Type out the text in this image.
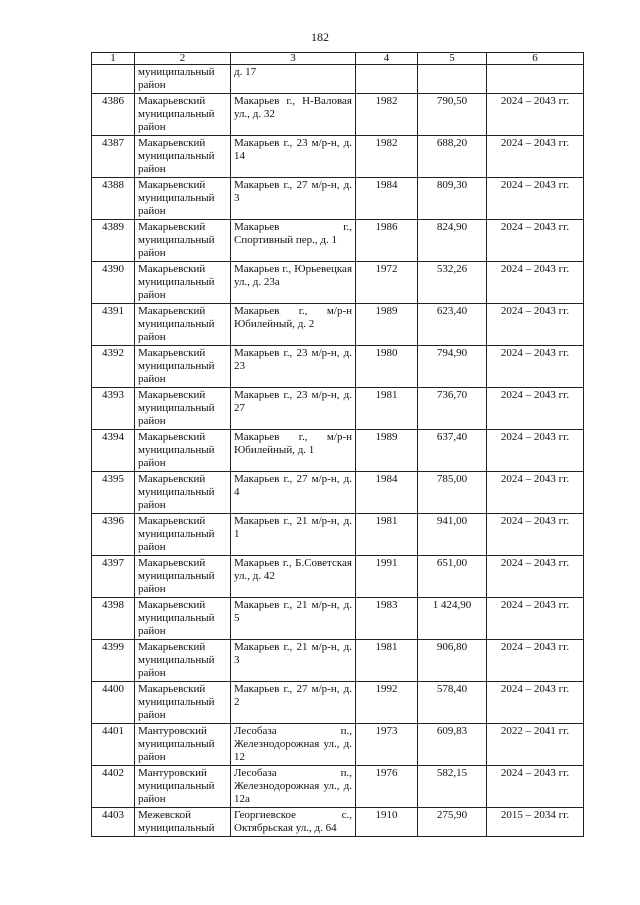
182
1	2	3	4	5	6
	муниципальный район	д. 17			
4386	Макарьевский муниципальный район	Макарьев г., Н-Валовая ул., д. 32	1982	790,50	2024 – 2043 гг.
4387	Макарьевский муниципальный район	Макарьев г., 23 м/р-н, д. 14	1982	688,20	2024 – 2043 гг.
4388	Макарьевский муниципальный район	Макарьев г., 27 м/р-н, д. 3	1984	809,30	2024 – 2043 гг.
4389	Макарьевский муниципальный район	Макарьев г., Спортивный пер., д. 1	1986	824,90	2024 – 2043 гг.
4390	Макарьевский муниципальный район	Макарьев г., Юрьевецкая ул., д. 23а	1972	532,26	2024 – 2043 гг.
4391	Макарьевский муниципальный район	Макарьев г., м/р-н Юбилейный, д. 2	1989	623,40	2024 – 2043 гг.
4392	Макарьевский муниципальный район	Макарьев г., 23 м/р-н, д. 23	1980	794,90	2024 – 2043 гг.
4393	Макарьевский муниципальный район	Макарьев г., 23 м/р-н, д. 27	1981	736,70	2024 – 2043 гг.
4394	Макарьевский муниципальный район	Макарьев г., м/р-н Юбилейный, д. 1	1989	637,40	2024 – 2043 гг.
4395	Макарьевский муниципальный район	Макарьев г., 27 м/р-н, д. 4	1984	785,00	2024 – 2043 гг.
4396	Макарьевский муниципальный район	Макарьев г., 21 м/р-н, д. 1	1981	941,00	2024 – 2043 гг.
4397	Макарьевский муниципальный район	Макарьев г., Б.Советская ул., д. 42	1991	651,00	2024 – 2043 гг.
4398	Макарьевский муниципальный район	Макарьев г., 21 м/р-н, д. 5	1983	1 424,90	2024 – 2043 гг.
4399	Макарьевский муниципальный район	Макарьев г., 21 м/р-н, д. 3	1981	906,80	2024 – 2043 гг.
4400	Макарьевский муниципальный район	Макарьев г., 27 м/р-н, д. 2	1992	578,40	2024 – 2043 гг.
4401	Мантуровский муниципальный район	Лесобаза п., Железнодорожная ул., д. 12	1973	609,83	2022 – 2041 гг.
4402	Мантуровский муниципальный район	Лесобаза п., Железнодорожная ул., д. 12а	1976	582,15	2024 – 2043 гг.
4403	Межевской муниципальный	Георгиевское с., Октябрьская ул., д. 64	1910	275,90	2015 – 2034 гг.
